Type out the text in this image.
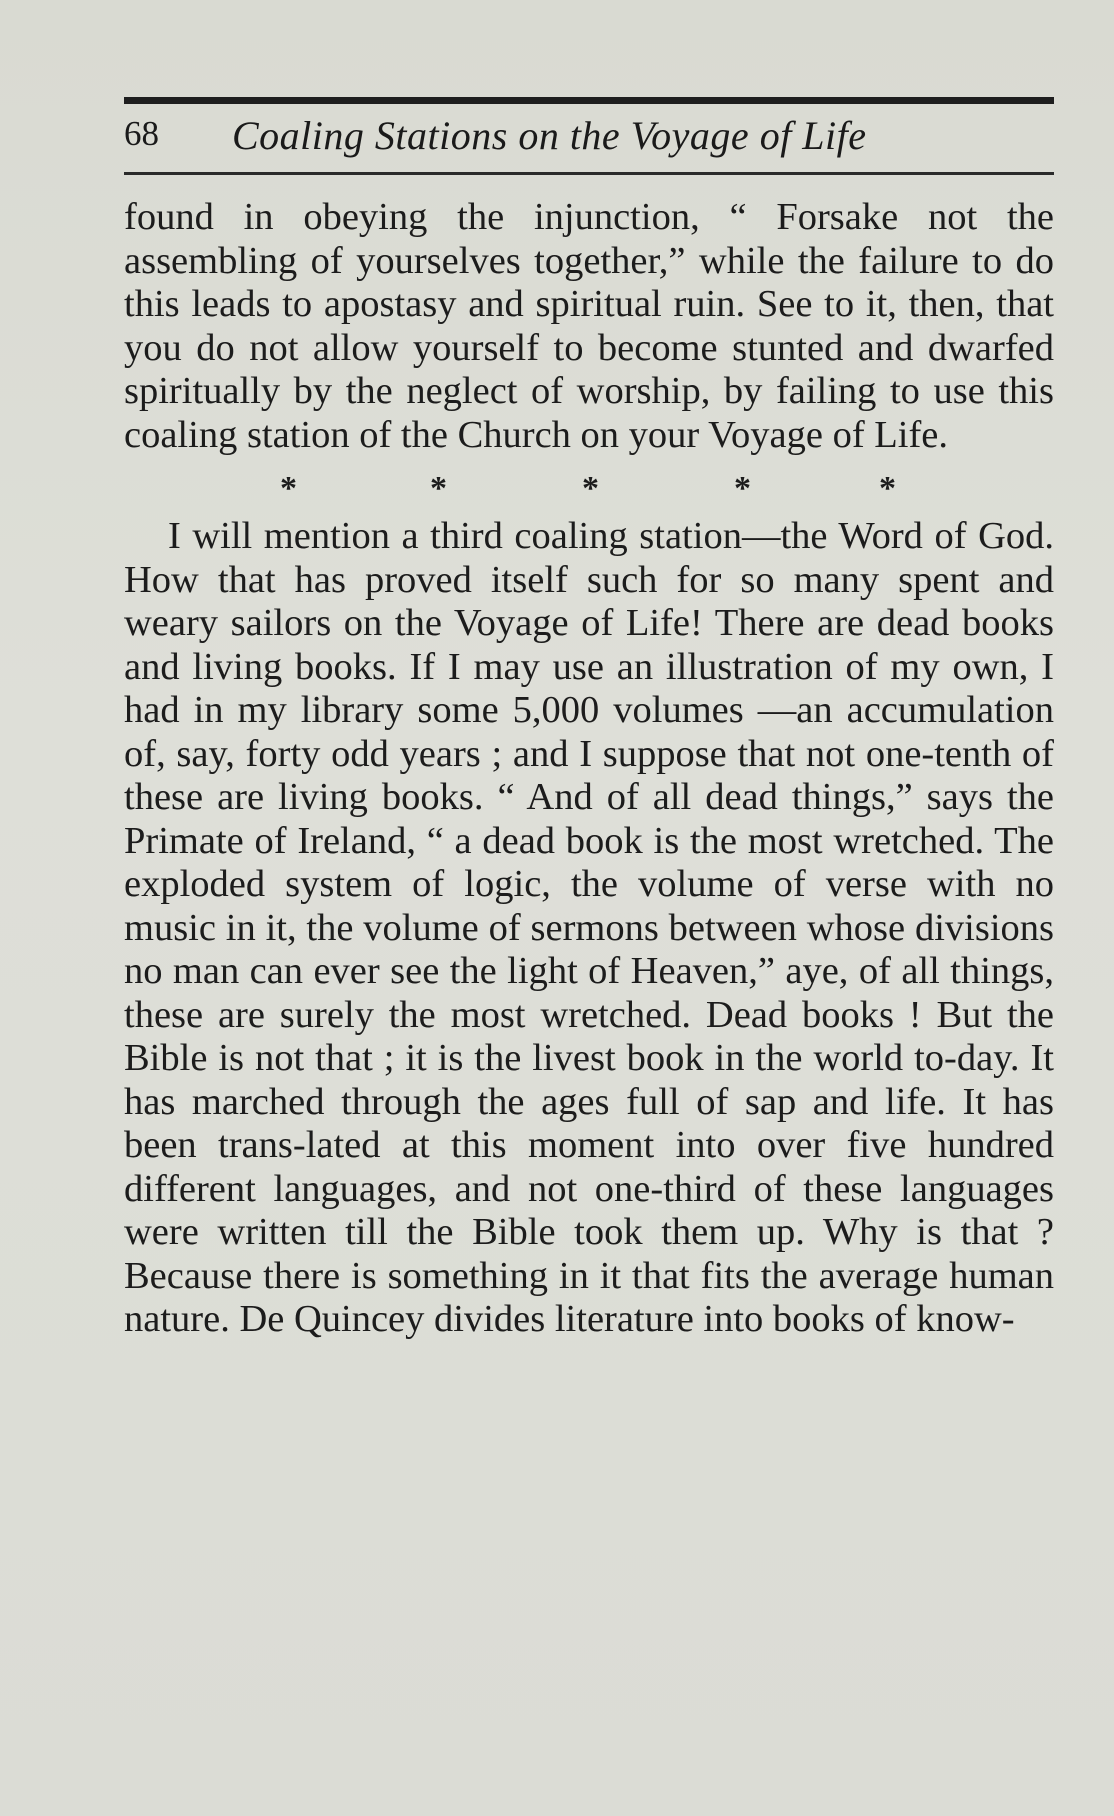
68 Coaling Stations on the Voyage of Life

found in obeying the injunction, “ Forsake not the assembling of yourselves together,” while the failure to do this leads to apostasy and spiritual ruin. See to it, then, that you do not allow yourself to become stunted and dwarfed spiritually by the neglect of worship, by failing to use this coaling station of the Church on your Voyage of Life.

*	*	*	*	*

I will mention a third coaling station—the Word of God. How that has proved itself such for so many spent and weary sailors on the Voyage of Life! There are dead books and living books. If I may use an illustration of my own, I had in my library some 5,000 volumes —an accumulation of, say, forty odd years ; and I suppose that not one-tenth of these are living books. “ And of all dead things,” says the Primate of Ireland, “ a dead book is the most wretched. The exploded system of logic, the volume of verse with no music in it, the volume of sermons between whose divisions no man can ever see the light of Heaven,” aye, of all things, these are surely the most wretched. Dead books ! But the Bible is not that ; it is the livest book in the world to-day. It has marched through the ages full of sap and life. It has been trans-lated at this moment into over five hundred different languages, and not one-third of these languages were written till the Bible took them up. Why is that ? Because there is something in it that fits the average human nature. De Quincey divides literature into books of know-
